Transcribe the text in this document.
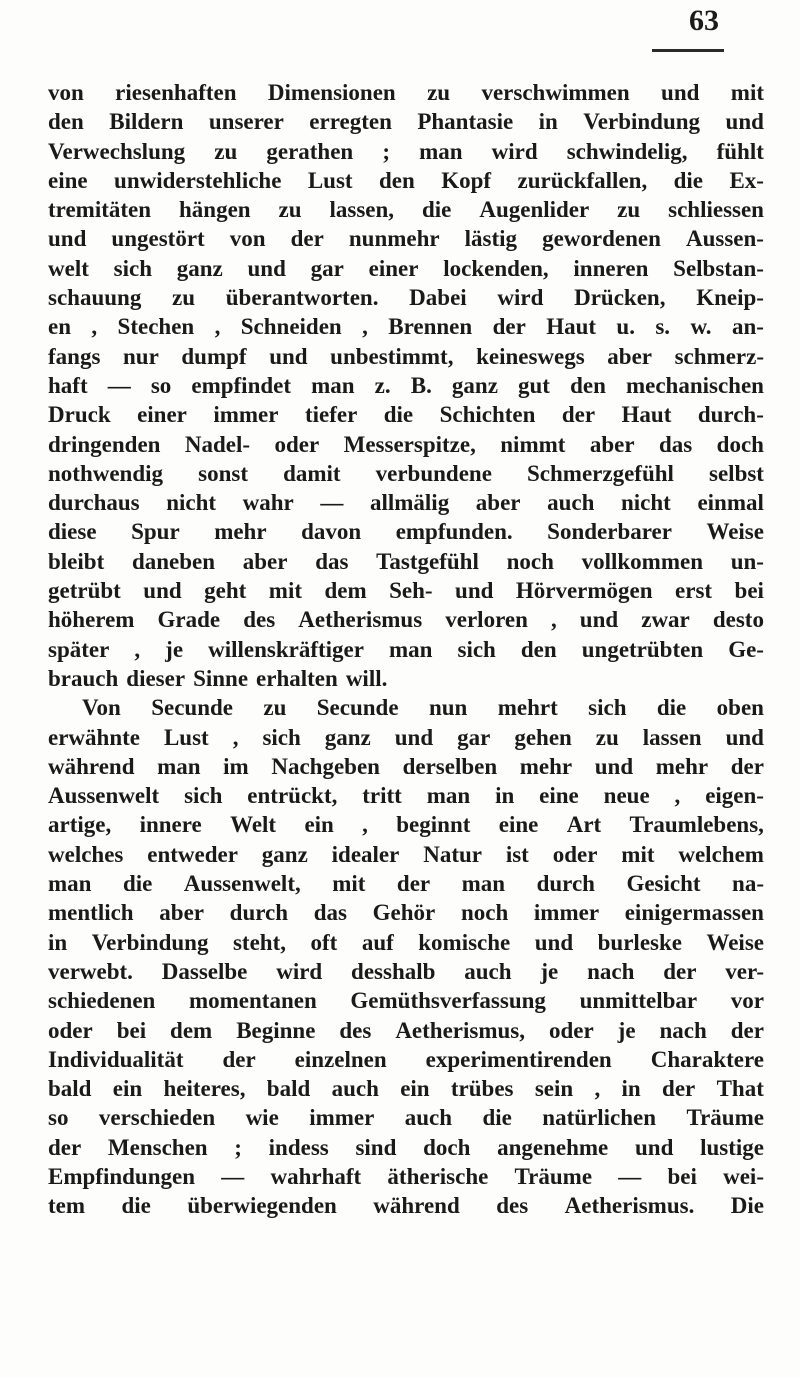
63
von riesenhaften Dimensionen zu verschwimmen und mit
den Bildern unserer erregten Phantasie in Verbindung und
Verwechslung zu gerathen ; man wird schwindelig, fühlt
eine unwiderstehliche Lust den Kopf zurückfallen, die Ex-
tremitäten hängen zu lassen, die Augenlider zu schliessen
und ungestört von der nunmehr lästig gewordenen Aussen-
welt sich ganz und gar einer lockenden, inneren Selbstan-
schauung zu überantworten. Dabei wird Drücken, Kneip-
en , Stechen , Schneiden , Brennen der Haut u. s. w. an-
fangs nur dumpf und unbestimmt, keineswegs aber schmerz-
haft — so empfindet man z. B. ganz gut den mechanischen
Druck einer immer tiefer die Schichten der Haut durch-
dringenden Nadel- oder Messerspitze, nimmt aber das doch
nothwendig sonst damit verbundene Schmerzgefühl selbst
durchaus nicht wahr — allmälig aber auch nicht einmal
diese Spur mehr davon empfunden. Sonderbarer Weise
bleibt daneben aber das Tastgefühl noch vollkommen un-
getrübt und geht mit dem Seh- und Hörvermögen erst bei
höherem Grade des Aetherismus verloren , und zwar desto
später , je willenskräftiger man sich den ungetrübten Ge-
brauch dieser Sinne erhalten will.
Von Secunde zu Secunde nun mehrt sich die oben
erwähnte Lust , sich ganz und gar gehen zu lassen und
während man im Nachgeben derselben mehr und mehr der
Aussenwelt sich entrückt, tritt man in eine neue , eigen-
artige, innere Welt ein , beginnt eine Art Traumlebens,
welches entweder ganz idealer Natur ist oder mit welchem
man die Aussenwelt, mit der man durch Gesicht na-
mentlich aber durch das Gehör noch immer einigermassen
in Verbindung steht, oft auf komische und burleske Weise
verwebt. Dasselbe wird desshalb auch je nach der ver-
schiedenen momentanen Gemüthsverfassung unmittelbar vor
oder bei dem Beginne des Aetherismus, oder je nach der
Individualität der einzelnen experimentirenden Charaktere
bald ein heiteres, bald auch ein trübes sein , in der That
so verschieden wie immer auch die natürlichen Träume
der Menschen ; indess sind doch angenehme und lustige
Empfindungen — wahrhaft ätherische Träume — bei wei-
tem die überwiegenden während des Aetherismus. Die
